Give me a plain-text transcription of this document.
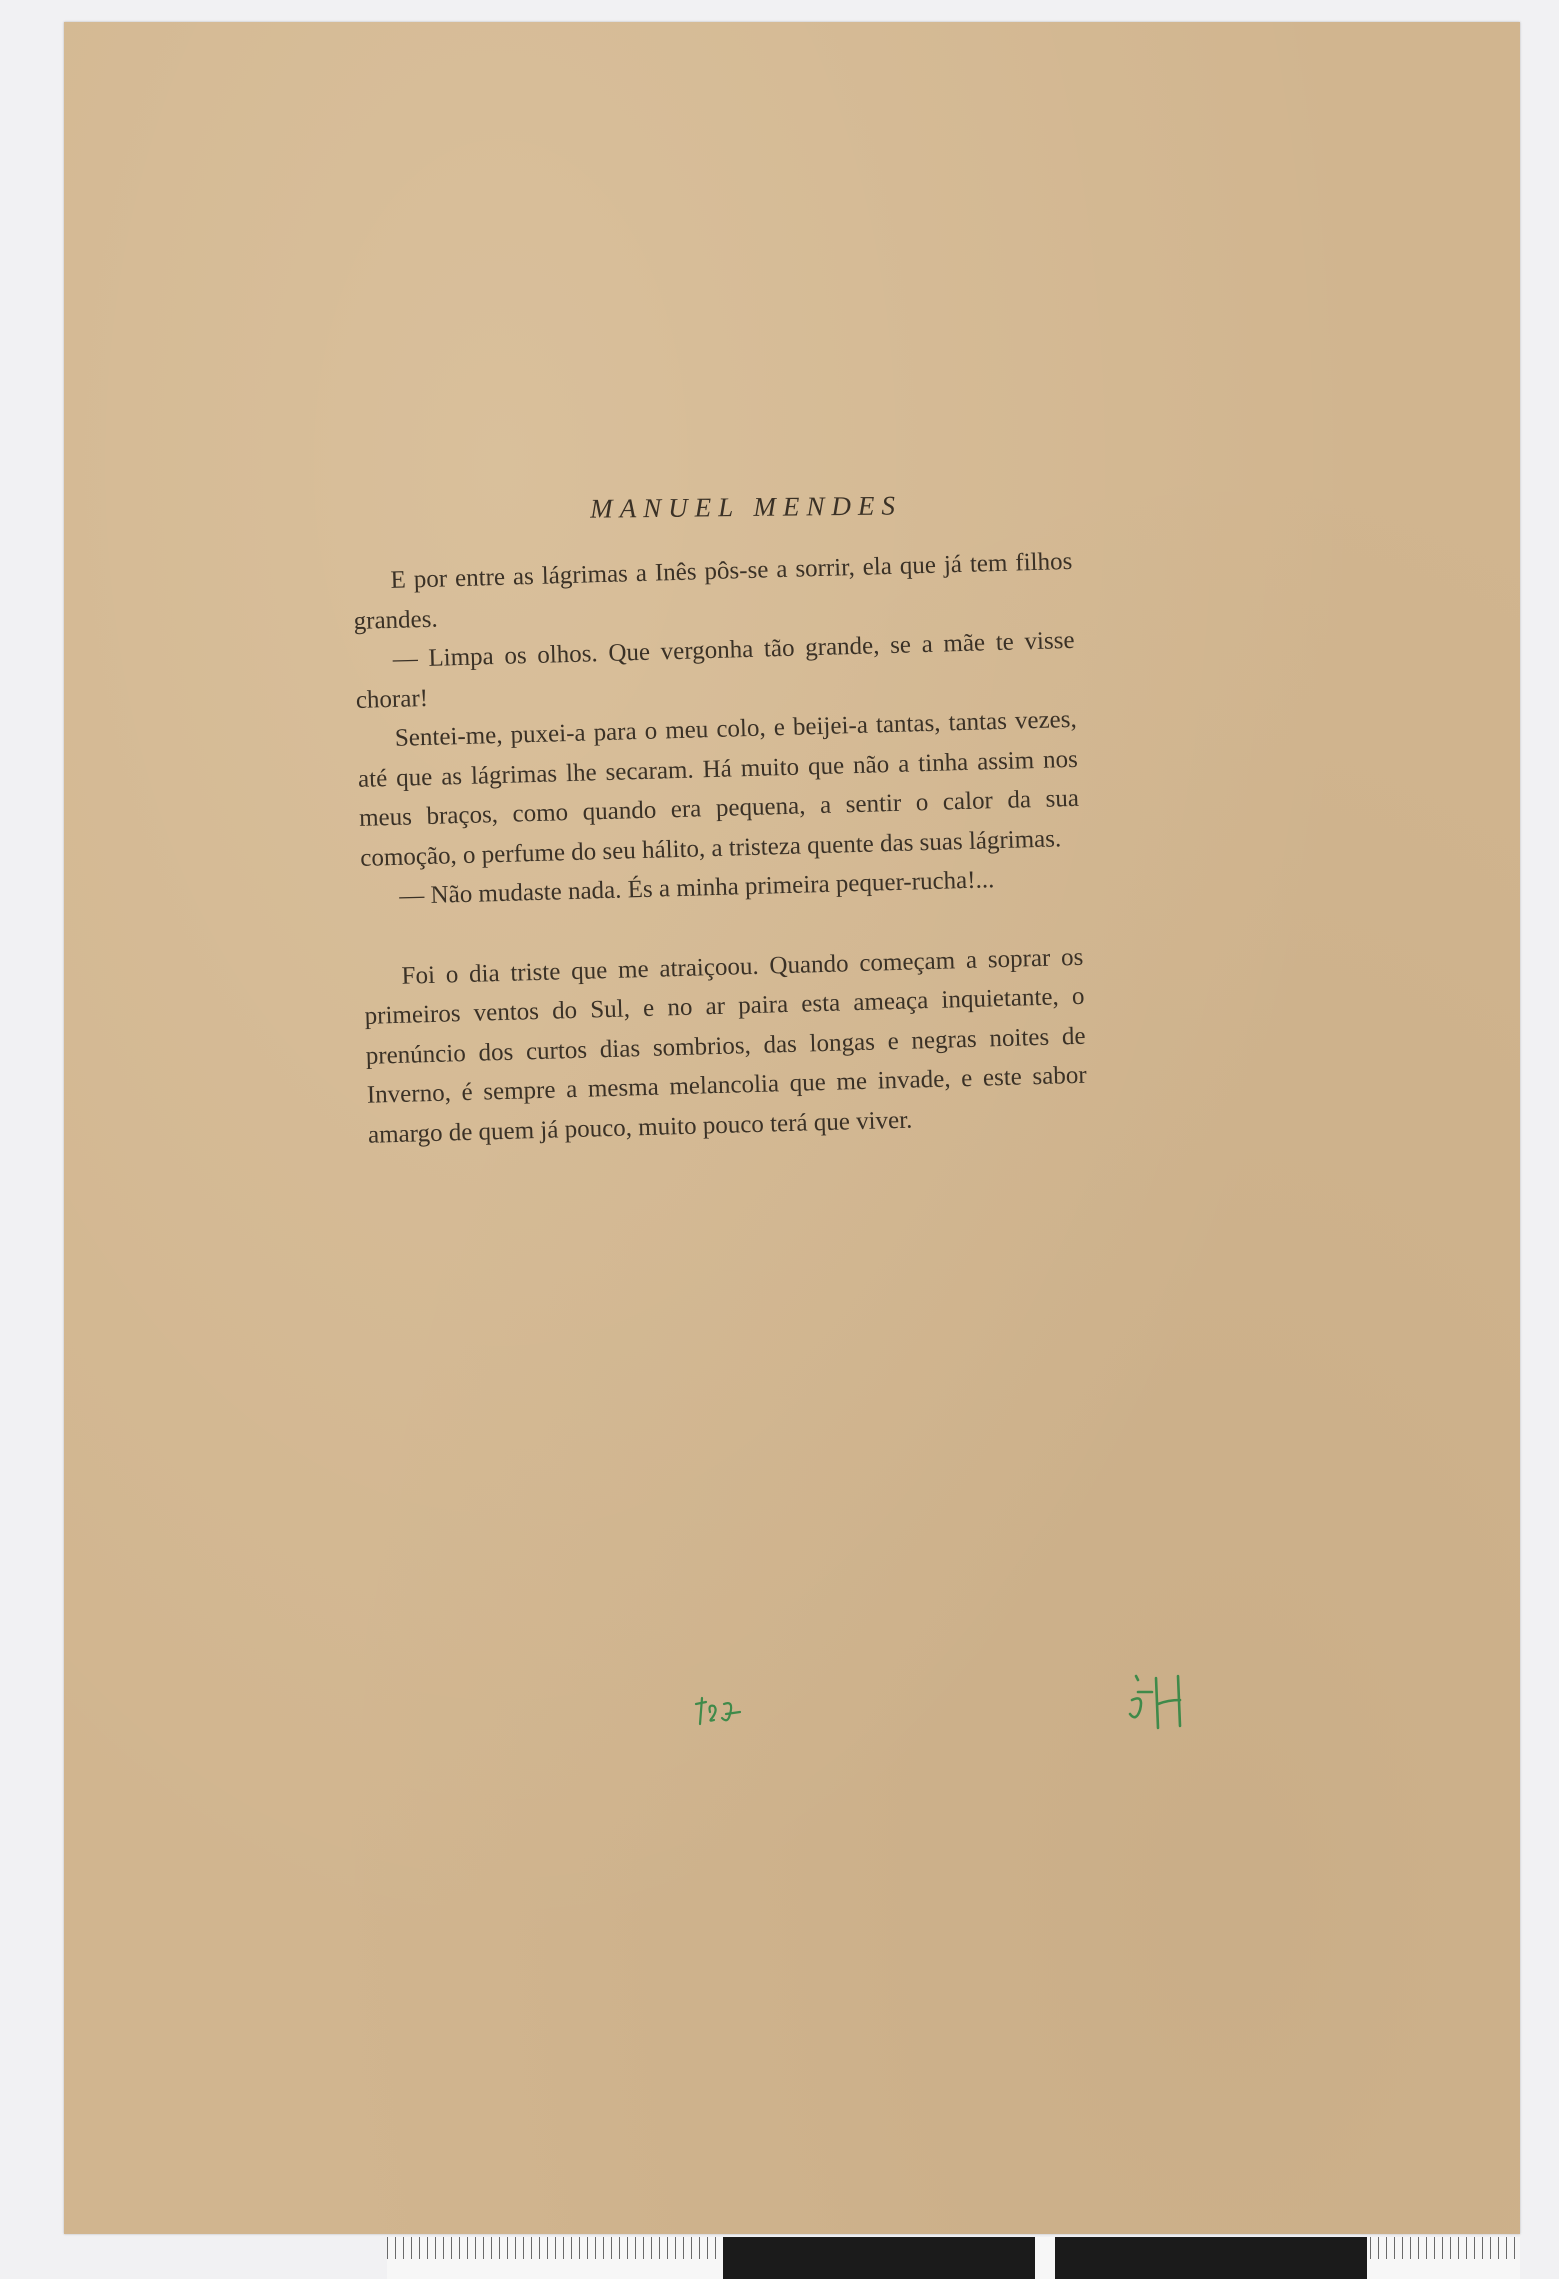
MANUEL MENDES

E por entre as lágrimas a Inês pôs-se a sorrir, ela que já tem filhos grandes.

— Limpa os olhos. Que vergonha tão grande, se a mãe te visse chorar!

Sentei-me, puxei-a para o meu colo, e beijei-a tantas, tantas vezes, até que as lágrimas lhe secaram. Há muito que não a tinha assim nos meus braços, como quando era pequena, a sentir o calor da sua comoção, o perfume do seu hálito, a tristeza quente das suas lágrimas.

— Não mudaste nada. És a minha primeira pequer-rucha!...

Foi o dia triste que me atraiçoou. Quando começam a soprar os primeiros ventos do Sul, e no ar paira esta ameaça inquietante, o prenúncio dos curtos dias sombrios, das longas e negras noites de Inverno, é sempre a mesma melancolia que me invade, e este sabor amargo de quem já pouco, muito pouco terá que viver.
